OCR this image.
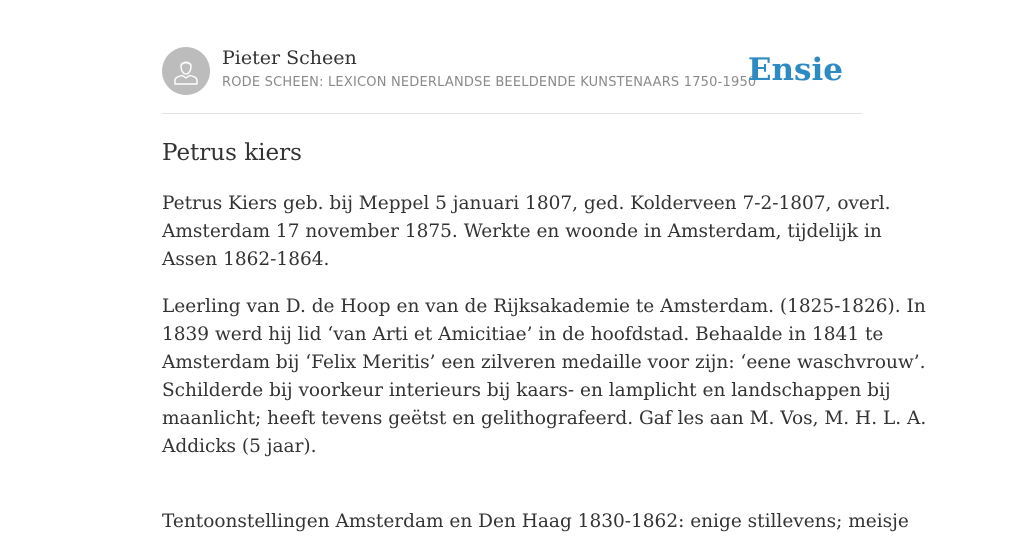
Pieter Scheen
RODE SCHEEN: LEXICON NEDERLANDSE BEELDENDE KUNSTENAARS 1750-1950
Ensie
Petrus kiers

Petrus Kiers geb. bij Meppel 5 januari 1807, ged. Kolderveen 7-2-1807, overl.
Amsterdam 17 november 1875. Werkte en woonde in Amsterdam, tijdelijk in
Assen 1862-1864.

Leerling van D. de Hoop en van de Rijksakademie te Amsterdam. (1825-1826). In
1839 werd hij lid ‘van Arti et Amicitiae’ in de hoofdstad. Behaalde in 1841 te
Amsterdam bij ‘Felix Meritis’ een zilveren medaille voor zijn: ‘eene waschvrouw’.
Schilderde bij voorkeur interieurs bij kaars- en lamplicht en landschappen bij
maanlicht; heeft tevens geëtst en gelithografeerd. Gaf les aan M. Vos, M. H. L. A.
Addicks (5 jaar).

Tentoonstellingen Amsterdam en Den Haag 1830-1862: enige stillevens; meisje
